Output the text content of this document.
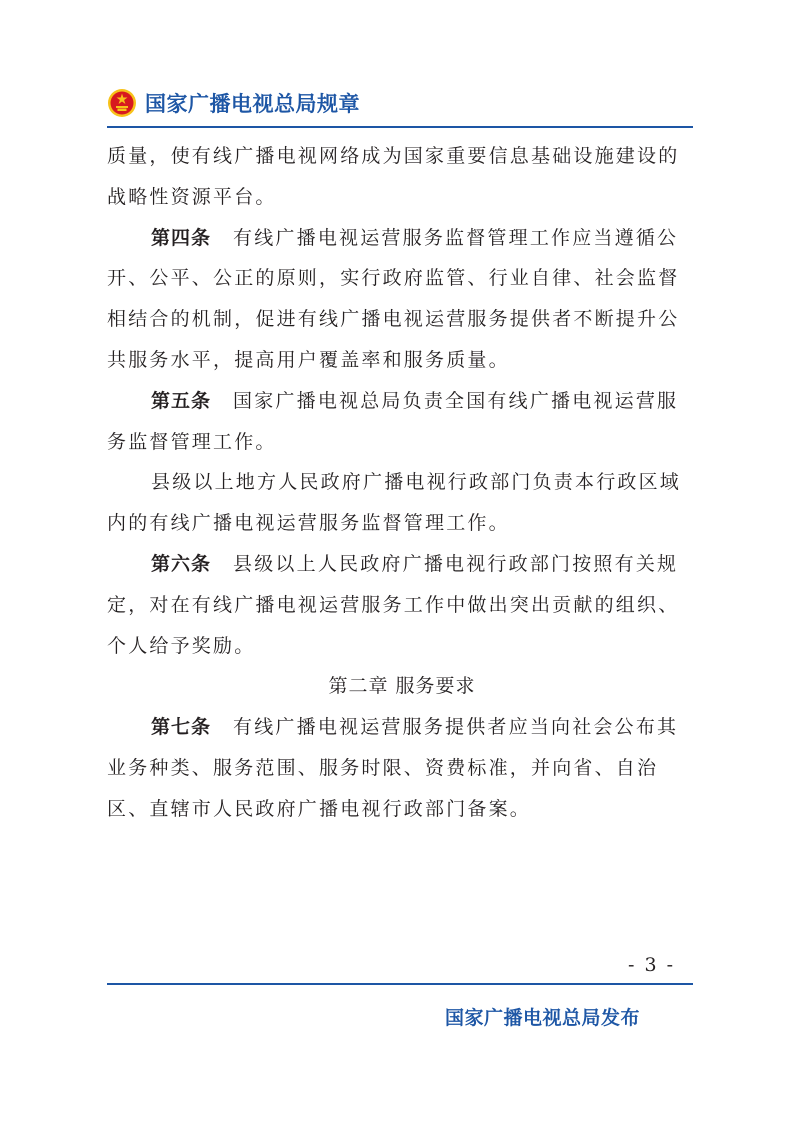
国家广播电视总局规章

质量，使有线广播电视网络成为国家重要信息基础设施建设的战略性资源平台。

第四条 有线广播电视运营服务监督管理工作应当遵循公开、公平、公正的原则，实行政府监管、行业自律、社会监督相结合的机制，促进有线广播电视运营服务提供者不断提升公共服务水平，提高用户覆盖率和服务质量。

第五条 国家广播电视总局负责全国有线广播电视运营服务监督管理工作。

县级以上地方人民政府广播电视行政部门负责本行政区域内的有线广播电视运营服务监督管理工作。

第六条 县级以上人民政府广播电视行政部门按照有关规定，对在有线广播电视运营服务工作中做出突出贡献的组织、个人给予奖励。

第二章 服务要求

第七条 有线广播电视运营服务提供者应当向社会公布其业务种类、服务范围、服务时限、资费标准，并向省、自治区、直辖市人民政府广播电视行政部门备案。

- 3 -
国家广播电视总局发布
